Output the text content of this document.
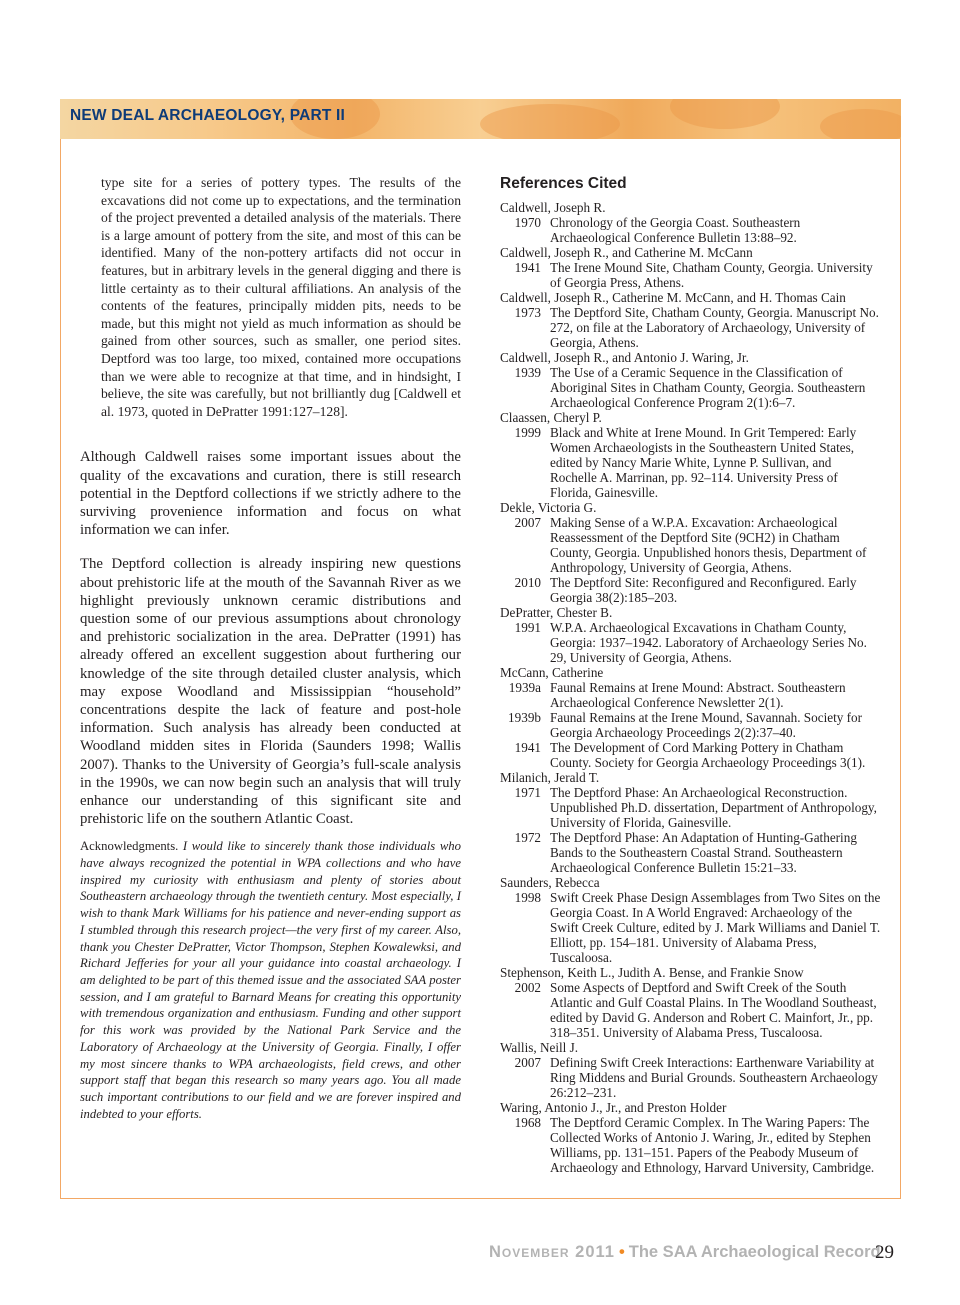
NEW DEAL ARCHAEOLOGY, PART II

type site for a series of pottery types. The results of the excavations did not come up to expectations, and the termination of the project prevented a detailed analysis of the materials. There is a large amount of pottery from the site, and most of this can be identified. Many of the non-pottery artifacts did not occur in features, but in arbitrary levels in the general digging and there is little certainty as to their cultural affiliations. An analysis of the contents of the features, principally midden pits, needs to be made, but this might not yield as much information as should be gained from other sources, such as smaller, one period sites. Deptford was too large, too mixed, contained more occupations than we were able to recognize at that time, and in hindsight, I believe, the site was carefully, but not brilliantly dug [Caldwell et al. 1973, quoted in DePratter 1991:127–128].

Although Caldwell raises some important issues about the quality of the excavations and curation, there is still research potential in the Deptford collections if we strictly adhere to the surviving provenience information and focus on what information we can infer.

The Deptford collection is already inspiring new questions about prehistoric life at the mouth of the Savannah River as we highlight previously unknown ceramic distributions and question some of our previous assumptions about chronology and prehistoric socialization in the area. DePratter (1991) has already offered an excellent suggestion about furthering our knowledge of the site through detailed cluster analysis, which may expose Woodland and Mississippian “household” concentrations despite the lack of feature and post-hole information. Such analysis has already been conducted at Woodland midden sites in Florida (Saunders 1998; Wallis 2007). Thanks to the University of Georgia’s full-scale analysis in the 1990s, we can now begin such an analysis that will truly enhance our understanding of this significant site and prehistoric life on the southern Atlantic Coast.

Acknowledgments. I would like to sincerely thank those individuals who have always recognized the potential in WPA collections and who have inspired my curiosity with enthusiasm and plenty of stories about Southeastern archaeology through the twentieth century. Most especially, I wish to thank Mark Williams for his patience and never-ending support as I stumbled through this research project—the very first of my career. Also, thank you Chester DePratter, Victor Thompson, Stephen Kowalewksi, and Richard Jefferies for your all your guidance into coastal archaeology. I am delighted to be part of this themed issue and the associated SAA poster session, and I am grateful to Barnard Means for creating this opportunity with tremendous organization and enthusiasm. Funding and other support for this work was provided by the National Park Service and the Laboratory of Archaeology at the University of Georgia. Finally, I offer my most sincere thanks to WPA archaeologists, field crews, and other support staff that began this research so many years ago. You all made such important contributions to our field and we are forever inspired and indebted to your efforts.

References Cited
Caldwell, Joseph R.
1970 Chronology of the Georgia Coast. Southeastern Archaeological Conference Bulletin 13:88–92.
Caldwell, Joseph R., and Catherine M. McCann
1941 The Irene Mound Site, Chatham County, Georgia. University of Georgia Press, Athens.
Caldwell, Joseph R., Catherine M. McCann, and H. Thomas Cain
1973 The Deptford Site, Chatham County, Georgia. Manuscript No. 272, on file at the Laboratory of Archaeology, University of Georgia, Athens.
Caldwell, Joseph R., and Antonio J. Waring, Jr.
1939 The Use of a Ceramic Sequence in the Classification of Aboriginal Sites in Chatham County, Georgia. Southeastern Archaeological Conference Program 2(1):6–7.
Claassen, Cheryl P.
1999 Black and White at Irene Mound. In Grit Tempered: Early Women Archaeologists in the Southeastern United States, edited by Nancy Marie White, Lynne P. Sullivan, and Rochelle A. Marrinan, pp. 92–114. University Press of Florida, Gainesville.
Dekle, Victoria G.
2007 Making Sense of a W.P.A. Excavation: Archaeological Reassessment of the Deptford Site (9CH2) in Chatham County, Georgia. Unpublished honors thesis, Department of Anthropology, University of Georgia, Athens.
2010 The Deptford Site: Reconfigured and Reconfigured. Early Georgia 38(2):185–203.
DePratter, Chester B.
1991 W.P.A. Archaeological Excavations in Chatham County, Georgia: 1937–1942. Laboratory of Archaeology Series No. 29, University of Georgia, Athens.
McCann, Catherine
1939a Faunal Remains at Irene Mound: Abstract. Southeastern Archaeological Conference Newsletter 2(1).
1939b Faunal Remains at the Irene Mound, Savannah. Society for Georgia Archaeology Proceedings 2(2):37–40.
1941 The Development of Cord Marking Pottery in Chatham County. Society for Georgia Archaeology Proceedings 3(1).
Milanich, Jerald T.
1971 The Deptford Phase: An Archaeological Reconstruction. Unpublished Ph.D. dissertation, Department of Anthropology, University of Florida, Gainesville.
1972 The Deptford Phase: An Adaptation of Hunting-Gathering Bands to the Southeastern Coastal Strand. Southeastern Archaeological Conference Bulletin 15:21–33.
Saunders, Rebecca
1998 Swift Creek Phase Design Assemblages from Two Sites on the Georgia Coast. In A World Engraved: Archaeology of the Swift Creek Culture, edited by J. Mark Williams and Daniel T. Elliott, pp. 154–181. University of Alabama Press, Tuscaloosa.
Stephenson, Keith L., Judith A. Bense, and Frankie Snow
2002 Some Aspects of Deptford and Swift Creek of the South Atlantic and Gulf Coastal Plains. In The Woodland Southeast, edited by David G. Anderson and Robert C. Mainfort, Jr., pp. 318–351. University of Alabama Press, Tuscaloosa.
Wallis, Neill J.
2007 Defining Swift Creek Interactions: Earthenware Variability at Ring Middens and Burial Grounds. Southeastern Archaeology 26:212–231.
Waring, Antonio J., Jr., and Preston Holder
1968 The Deptford Ceramic Complex. In The Waring Papers: The Collected Works of Antonio J. Waring, Jr., edited by Stephen Williams, pp. 131–151. Papers of the Peabody Museum of Archaeology and Ethnology, Harvard University, Cambridge.
November 2011 • The SAA Archaeological Record
29
